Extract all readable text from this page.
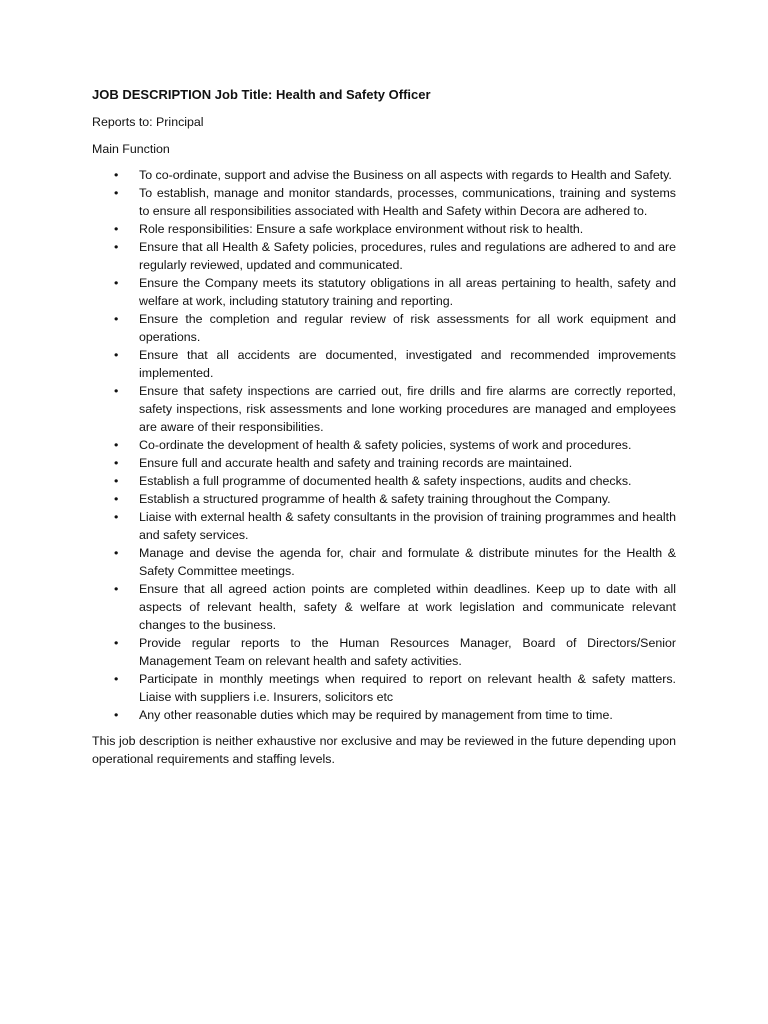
JOB DESCRIPTION Job Title: Health and Safety Officer
Reports to: Principal
Main Function
• To co-ordinate, support and advise the Business on all aspects with regards to Health and Safety.
• To establish, manage and monitor standards, processes, communications, training and systems to ensure all responsibilities associated with Health and Safety within Decora are adhered to.
• Role responsibilities: Ensure a safe workplace environment without risk to health.
• Ensure that all Health & Safety policies, procedures, rules and regulations are adhered to and are regularly reviewed, updated and communicated.
• Ensure the Company meets its statutory obligations in all areas pertaining to health, safety and welfare at work, including statutory training and reporting.
• Ensure the completion and regular review of risk assessments for all work equipment and operations.
• Ensure that all accidents are documented, investigated and recommended improvements implemented.
• Ensure that safety inspections are carried out, fire drills and fire alarms are correctly reported, safety inspections, risk assessments and lone working procedures are managed and employees are aware of their responsibilities.
• Co-ordinate the development of health & safety policies, systems of work and procedures.
• Ensure full and accurate health and safety and training records are maintained.
• Establish a full programme of documented health & safety inspections, audits and checks.
• Establish a structured programme of health & safety training throughout the Company.
• Liaise with external health & safety consultants in the provision of training programmes and health and safety services.
• Manage and devise the agenda for, chair and formulate & distribute minutes for the Health & Safety Committee meetings.
• Ensure that all agreed action points are completed within deadlines. Keep up to date with all aspects of relevant health, safety & welfare at work legislation and communicate relevant changes to the business.
• Provide regular reports to the Human Resources Manager, Board of Directors/Senior Management Team on relevant health and safety activities.
• Participate in monthly meetings when required to report on relevant health & safety matters. Liaise with suppliers i.e. Insurers, solicitors etc
• Any other reasonable duties which may be required by management from time to time.
This job description is neither exhaustive nor exclusive and may be reviewed in the future depending upon operational requirements and staffing levels.
